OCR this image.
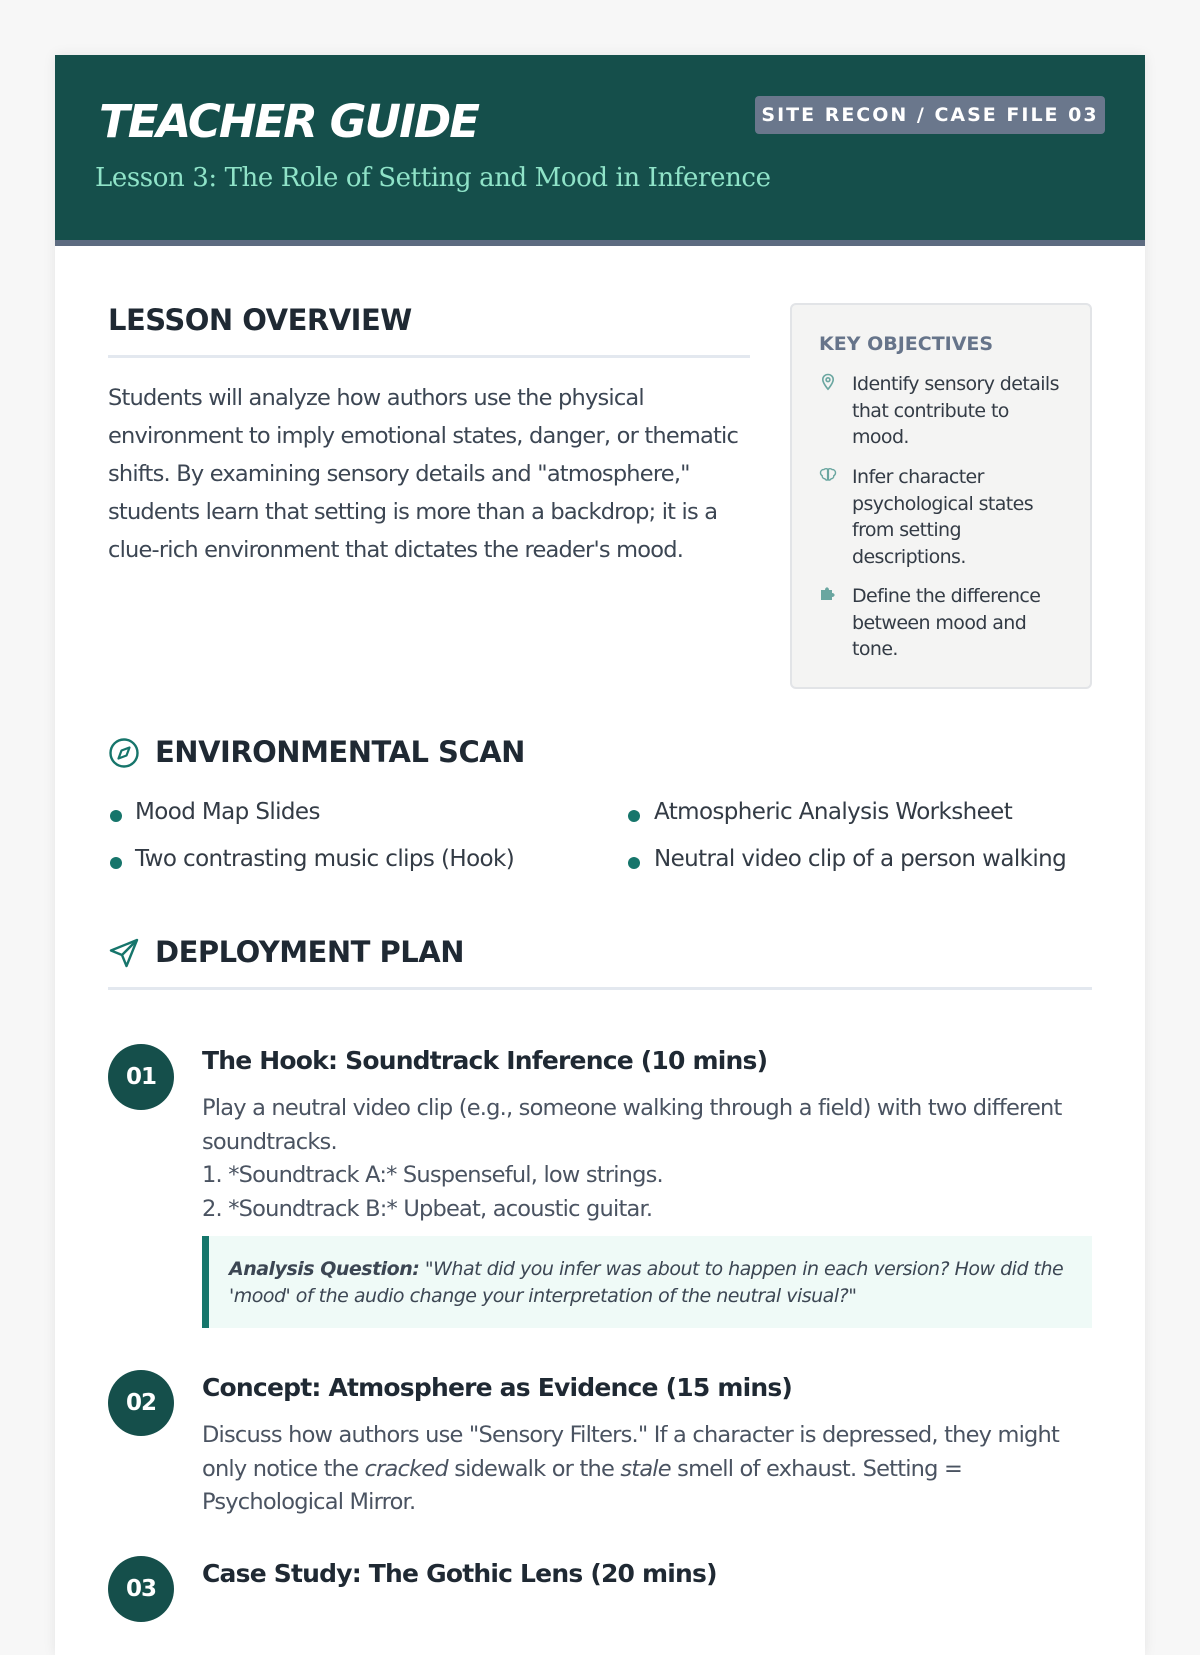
TEACHER GUIDE
Lesson 3: The Role of Setting and Mood in Inference
SITE RECON / CASE FILE 03
LESSON OVERVIEW

Students will analyze how authors use the physical environment to imply emotional states, danger, or thematic shifts. By examining sensory details and "atmosphere," students learn that setting is more than a backdrop; it is a clue-rich environment that dictates the reader's mood.

KEY OBJECTIVES
Identify sensory details that contribute to mood.
Infer character psychological states from setting descriptions.
Define the difference between mood and tone.
ENVIRONMENTAL SCAN
Mood Map Slides	Atmospheric Analysis Worksheet
Two contrasting music clips (Hook)	Neutral video clip of a person walking
DEPLOYMENT PLAN
01
The Hook: Soundtrack Inference (10 mins)
Play a neutral video clip (e.g., someone walking through a field) with two different
soundtracks.
1. *Soundtrack A:* Suspenseful, low strings.
2. *Soundtrack B:* Upbeat, acoustic guitar.
Analysis Question: "What did you infer was about to happen in each version? How did the 'mood' of the audio change your interpretation of the neutral visual?"
02
Concept: Atmosphere as Evidence (15 mins)
Discuss how authors use "Sensory Filters." If a character is depressed, they might only notice the cracked sidewalk or the stale smell of exhaust. Setting = Psychological Mirror.
03
Case Study: The Gothic Lens (20 mins)
